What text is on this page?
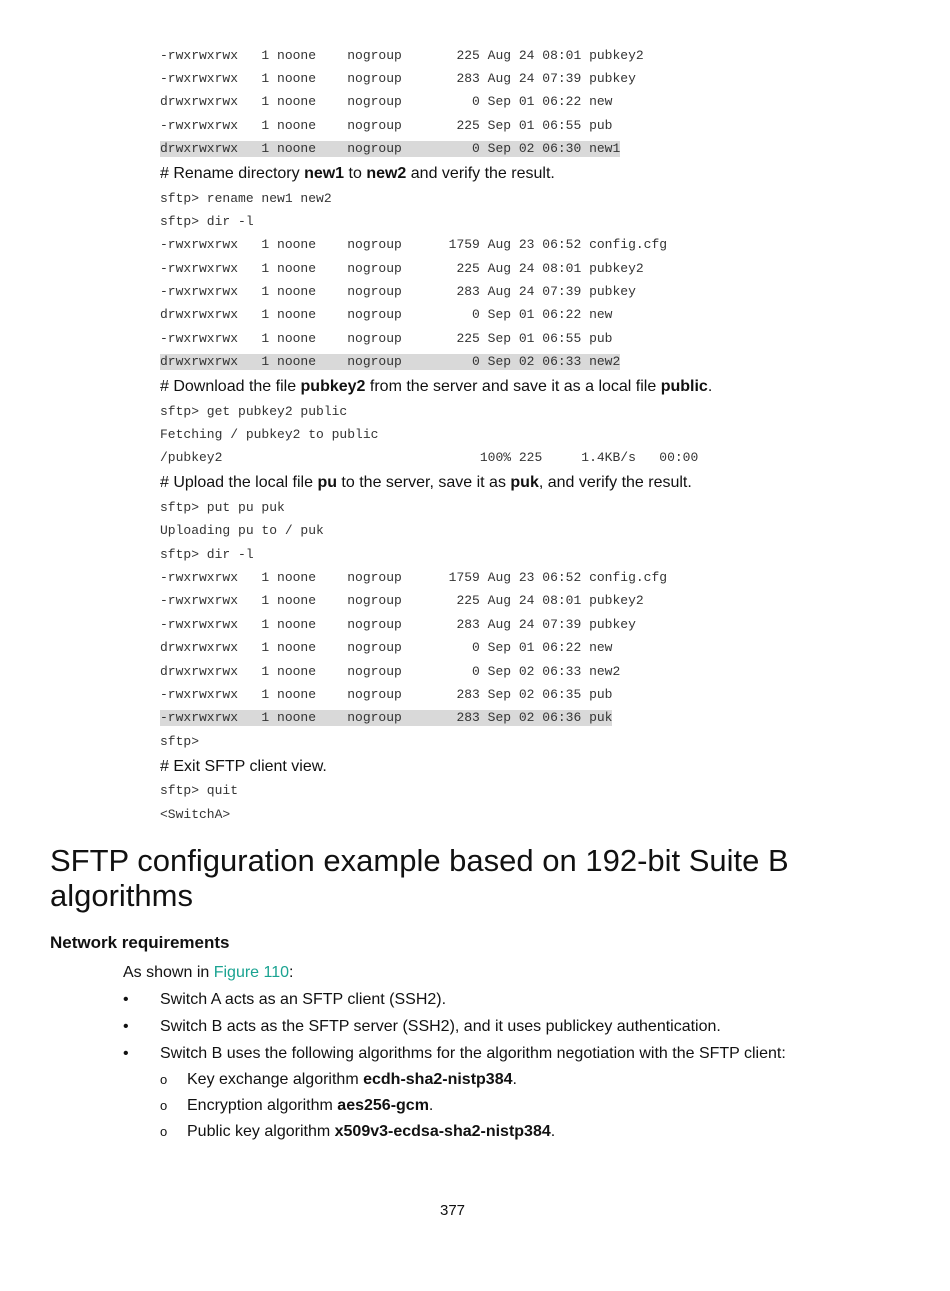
-rwxrwxrwx   1 noone    nogroup       225 Aug 24 08:01 pubkey2
-rwxrwxrwx   1 noone    nogroup       283 Aug 24 07:39 pubkey
drwxrwxrwx   1 noone    nogroup         0 Sep 01 06:22 new
-rwxrwxrwx   1 noone    nogroup       225 Sep 01 06:55 pub
drwxrwxrwx   1 noone    nogroup         0 Sep 02 06:30 new1
# Rename directory new1 to new2 and verify the result.
sftp> rename new1 new2
sftp> dir -l
-rwxrwxrwx   1 noone    nogroup      1759 Aug 23 06:52 config.cfg
-rwxrwxrwx   1 noone    nogroup       225 Aug 24 08:01 pubkey2
-rwxrwxrwx   1 noone    nogroup       283 Aug 24 07:39 pubkey
drwxrwxrwx   1 noone    nogroup         0 Sep 01 06:22 new
-rwxrwxrwx   1 noone    nogroup       225 Sep 01 06:55 pub
drwxrwxrwx   1 noone    nogroup         0 Sep 02 06:33 new2
# Download the file pubkey2 from the server and save it as a local file public.
sftp> get pubkey2 public
Fetching / pubkey2 to public
/pubkey2                                 100% 225     1.4KB/s   00:00
# Upload the local file pu to the server, save it as puk, and verify the result.
sftp> put pu puk
Uploading pu to / puk
sftp> dir -l
-rwxrwxrwx   1 noone    nogroup      1759 Aug 23 06:52 config.cfg
-rwxrwxrwx   1 noone    nogroup       225 Aug 24 08:01 pubkey2
-rwxrwxrwx   1 noone    nogroup       283 Aug 24 07:39 pubkey
drwxrwxrwx   1 noone    nogroup         0 Sep 01 06:22 new
drwxrwxrwx   1 noone    nogroup         0 Sep 02 06:33 new2
-rwxrwxrwx   1 noone    nogroup       283 Sep 02 06:35 pub
-rwxrwxrwx   1 noone    nogroup       283 Sep 02 06:36 puk
sftp>
# Exit SFTP client view.
sftp> quit
<SwitchA>
SFTP configuration example based on 192-bit Suite B algorithms
Network requirements
As shown in Figure 110:
• Switch A acts as an SFTP client (SSH2).
• Switch B acts as the SFTP server (SSH2), and it uses publickey authentication.
• Switch B uses the following algorithms for the algorithm negotiation with the SFTP client:
o Key exchange algorithm ecdh-sha2-nistp384.
o Encryption algorithm aes256-gcm.
o Public key algorithm x509v3-ecdsa-sha2-nistp384.
377
